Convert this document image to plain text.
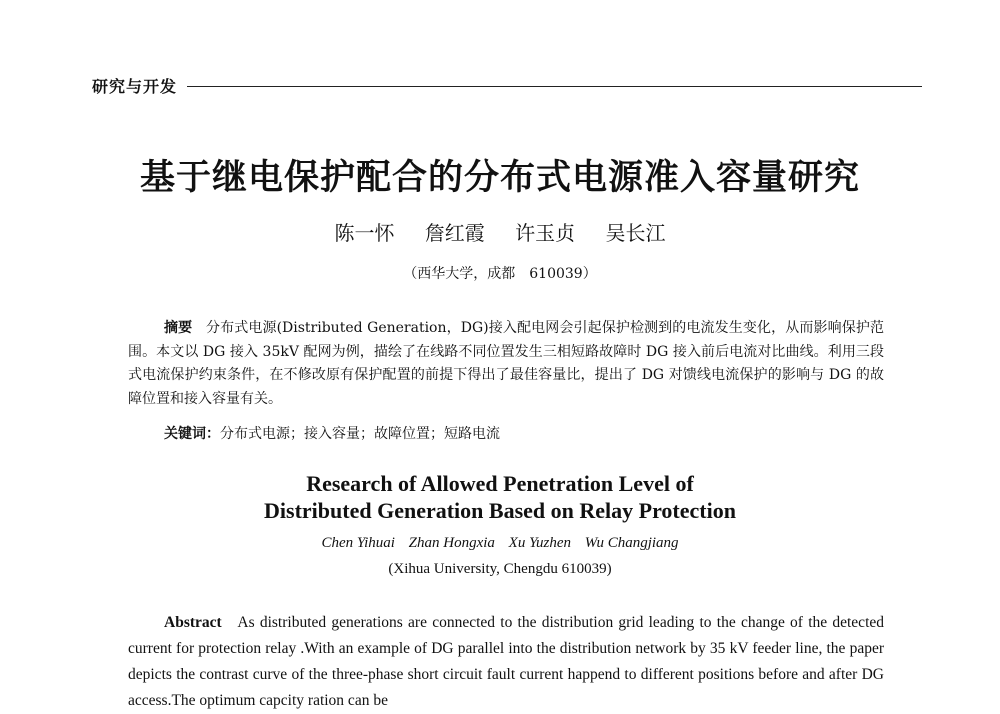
研究与开发
基于继电保护配合的分布式电源准入容量研究
陈一怀 詹红霞 许玉贞 吴长江
（西华大学，成都　610039）
摘要 分布式电源(Distributed Generation，DG)接入配电网会引起保护检测到的电流发生变化，从而影响保护范围。本文以 DG 接入 35kV 配网为例，描绘了在线路不同位置发生三相短路故障时 DG 接入前后电流对比曲线。利用三段式电流保护约束条件，在不修改原有保护配置的前提下得出了最佳容量比，提出了 DG 对馈线电流保护的影响与 DG 的故障位置和接入容量有关。
关键词：分布式电源；接入容量；故障位置；短路电流
Research of Allowed Penetration Level of
Distributed Generation Based on Relay Protection
Chen Yihuai Zhan Hongxia Xu Yuzhen Wu Changjiang
(Xihua University, Chengdu 610039)
Abstract As distributed generations are connected to the distribution grid leading to the change of the detected current for protection relay .With an example of DG parallel into the distribution network by 35 kV feeder line, the paper depicts the contrast curve of the three-phase short circuit fault current happend to different positions before and after DG access.The optimum capcity ration can be
